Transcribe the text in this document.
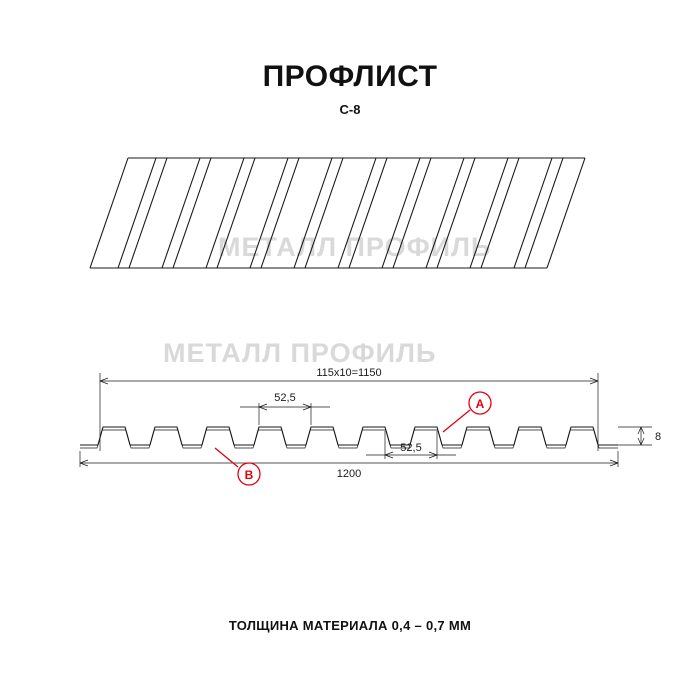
ПРОФЛИСТ
С-8
МЕТАЛЛ ПРОФИЛЬ
МЕТАЛЛ ПРОФИЛЬ
115x10=1150
52,5
52,5
1200
8
A
B
ТОЛЩИНА МАТЕРИАЛА 0,4 – 0,7 ММ
